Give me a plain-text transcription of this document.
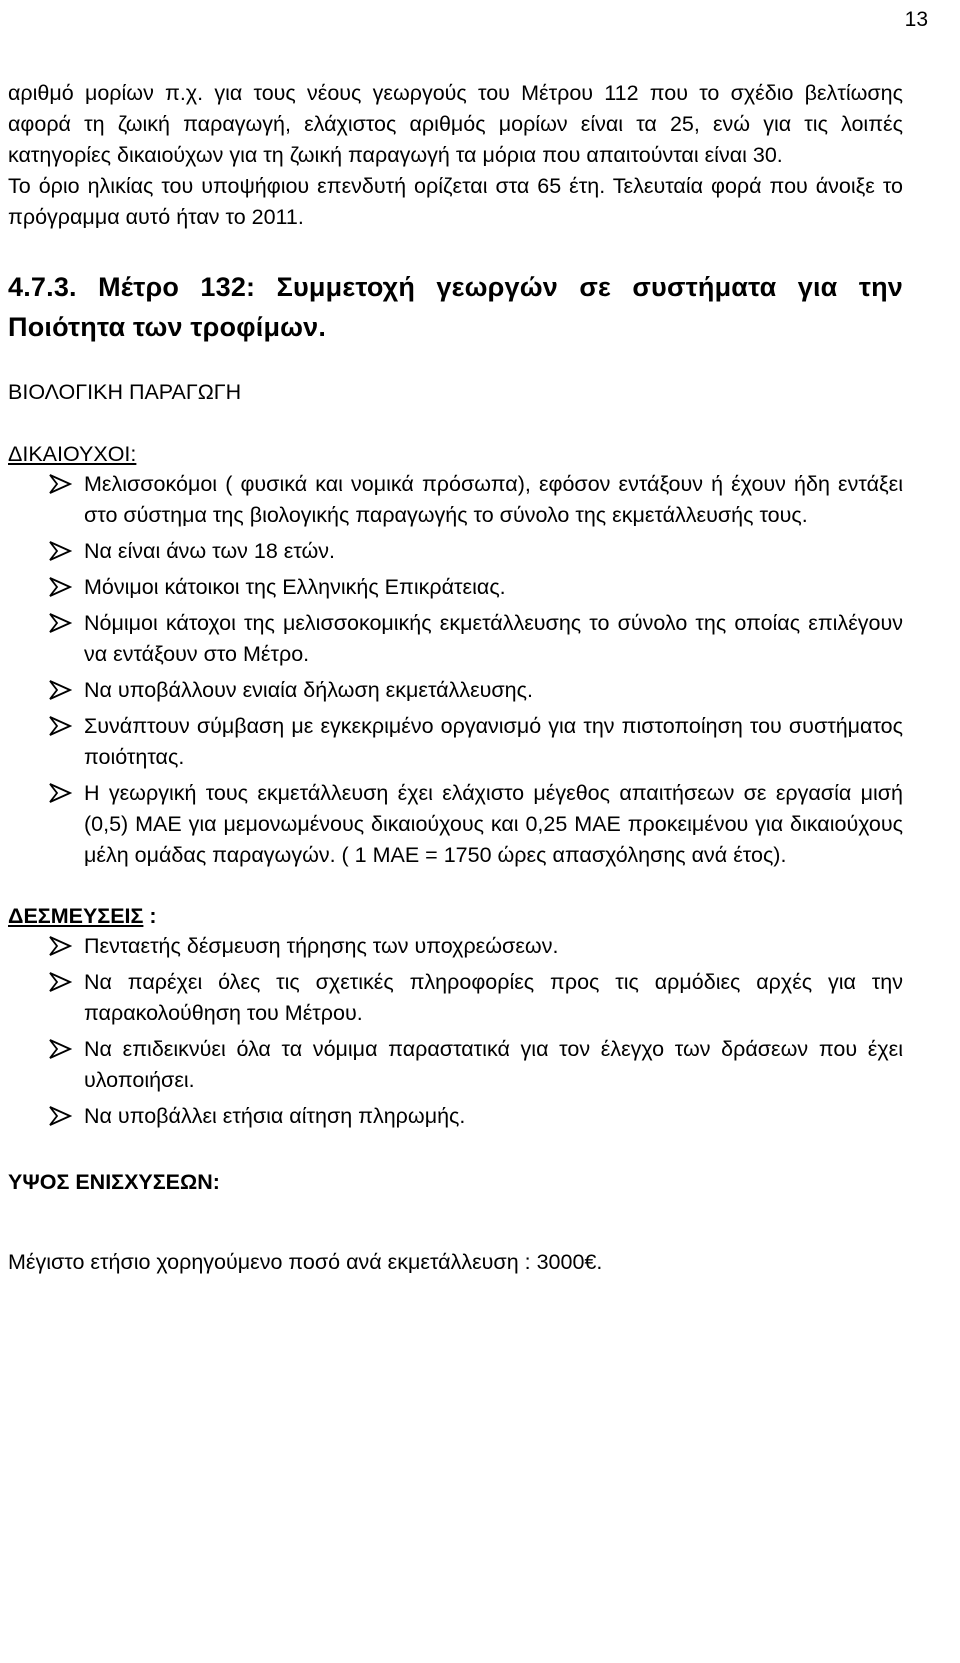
13

αριθμό μορίων π.χ. για τους νέους γεωργούς του Μέτρου 112 που το σχέδιο βελτίωσης αφορά τη ζωική παραγωγή, ελάχιστος αριθμός μορίων είναι τα 25, ενώ για τις λοιπές κατηγορίες δικαιούχων για τη ζωική παραγωγή τα μόρια που απαιτούνται είναι 30.

Το όριο ηλικίας του υποψήφιου επενδυτή ορίζεται στα 65 έτη. Τελευταία φορά που άνοιξε το πρόγραμμα αυτό ήταν το 2011.

4.7.3. Μέτρο 132: Συμμετοχή γεωργών σε συστήματα για την Ποιότητα των τροφίμων.

ΒΙΟΛΟΓΙΚΗ ΠΑΡΑΓΩΓΗ

ΔΙΚΑΙΟΥΧΟΙ:

Μελισσοκόμοι ( φυσικά και νομικά πρόσωπα), εφόσον εντάξουν ή έχουν ήδη εντάξει στο σύστημα της βιολογικής παραγωγής το σύνολο της εκμετάλλευσής τους.
Να είναι άνω των 18 ετών.
Μόνιμοι κάτοικοι της Ελληνικής Επικράτειας.
Νόμιμοι κάτοχοι της μελισσοκομικής εκμετάλλευσης το σύνολο της οποίας επιλέγουν να εντάξουν στο Μέτρο.
Να υποβάλλουν ενιαία δήλωση εκμετάλλευσης.
Συνάπτουν σύμβαση με εγκεκριμένο οργανισμό για την πιστοποίηση του συστήματος ποιότητας.
Η γεωργική τους εκμετάλλευση έχει ελάχιστο μέγεθος απαιτήσεων σε εργασία μισή (0,5) ΜΑΕ για μεμονωμένους δικαιούχους και 0,25 ΜΑΕ προκειμένου για δικαιούχους μέλη ομάδας παραγωγών. ( 1 ΜΑΕ = 1750 ώρες απασχόλησης ανά έτος).

ΔΕΣΜΕΥΣΕΙΣ :

Πενταετής δέσμευση τήρησης των υποχρεώσεων.
Να παρέχει όλες τις σχετικές πληροφορίες προς τις αρμόδιες αρχές για την παρακολούθηση του Μέτρου.
Να επιδεικνύει όλα τα νόμιμα παραστατικά για τον έλεγχο των δράσεων που έχει υλοποιήσει.
Να υποβάλλει ετήσια αίτηση πληρωμής.

ΥΨΟΣ ΕΝΙΣΧΥΣΕΩΝ:

Μέγιστο ετήσιο χορηγούμενο ποσό ανά εκμετάλλευση : 3000€.
